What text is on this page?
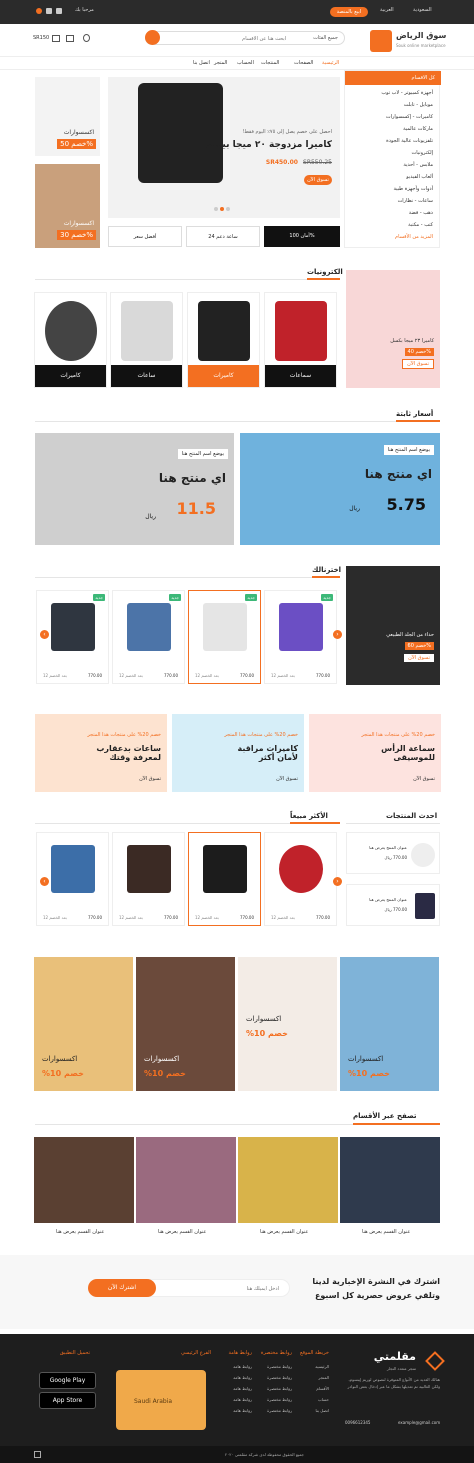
السعودية
العربية
ابيع بالمنصة
مرحبا بك
سوق الرياض
Souk online marketplace
ابحث هنا عن الاقسام
جميع الفئات
SR150
الرئيسية
الصفحات
المنتجات
الحساب
المتجر
اتصل بنا
كل الاقسام
أجهزة كمبيوتر - لاب توب
موبايل - تابلت
كاميرات - إكسسوارات
ماركات عالمية
تلفزيونات عالية الجودة
إلكترونيات
ملابس - أحذية
ألعاب الفيديو
أدوات وأجهزة طبية
ساعات - نظارات
ذهب - فضة
كتب - مكتبة
المزيد من الأقسام
اكسسوارات
خصم 50%
اكسسوارات
خصم 30%
احصل على خصم يصل إلى ٧٥٪ اليوم فقط!
كاميرا مزدوجة ٢٠ ميجا بيكسل
SR550.25
SR450.00
تسوق الآن
أمان 100%
24 ساعة دعم
أفضل سعر
الكترونيات
كاميرا ٢٣ ميجا بكسل
خصم 40%
تسوق الآن
سماعات
كاميرات
ساعات
كاميرات
أسعار ثابتة
يوضع اسم المنتج هنا
اي منتج هنا
5.75
ريال
يوضع اسم المنتج هنا
اي منتج هنا
11.5
ريال
اخترنالك
حذاء من الجلد الطبيعي
خصم 60%
تسوق الآن
جديد
770.00
بعد الخصم 12
جديد
770.00
بعد الخصم 12
جديد
770.00
بعد الخصم 12
جديد
770.00
بعد الخصم 12
›
‹
خصم 20% على منتجات هذا المتجر
سماعة الرأس للموسيقى
تسوق الآن
خصم 20% على منتجات هذا المتجر
كاميرات مراقبة لأمان أكثر
تسوق الآن
خصم 20% على منتجات هذا المتجر
ساعات بدعقارب لمعرفة وقتك
تسوق الآن
احدث المنتجات
عنوان المنتج يعرض هنا
770.00 ريال
عنوان المنتج يعرض هنا
770.00 ريال
الأكثر مبيعاً
770.00
بعد الخصم 12
770.00
بعد الخصم 12
770.00
بعد الخصم 12
770.00
بعد الخصم 12
›
‹
اكسسوارات
خصم 10%
اكسسوارات
خصم 10%
اكسسوارات
خصم 10%
اكسسوارات
خصم 10%
تصفح عبر الأقسام
عنوان القسم يعرض هنا
عنوان القسم يعرض هنا
عنوان القسم يعرض هنا
عنوان القسم يعرض هنا
اشترك في النشرة الإخبارية لدينا
وتلقي عروض حصرية كل اسبوع
ادخل ايميلك هنا
اشترك الآن
مقلمتي
متجر متعدد التجار
هنالك العديد من الأنواع المتوفرة لنصوص لوريم إيبسوم، ولكن الغالبية تم تعديلها بشكل ما عبر إدخال بعض النوادر
0096612345	example@gmail.com
خريطة الموقع
الرئيسية
المتجر
الأقسام
حساب
اتصل بنا
روابط مختصرة
روابط مختصرة
روابط مختصرة
روابط مختصرة
روابط مختصرة
روابط مختصرة
روابط هامة
روابط هامة
روابط هامة
روابط هامة
روابط هامة
روابط هامة
الفرع الرئيسي
Saudi Arabia
تحميل التطبيق
Google Play
App Store
جميع الحقوق محفوظة لدى شركة مقلمتي ٢٠٢٠
